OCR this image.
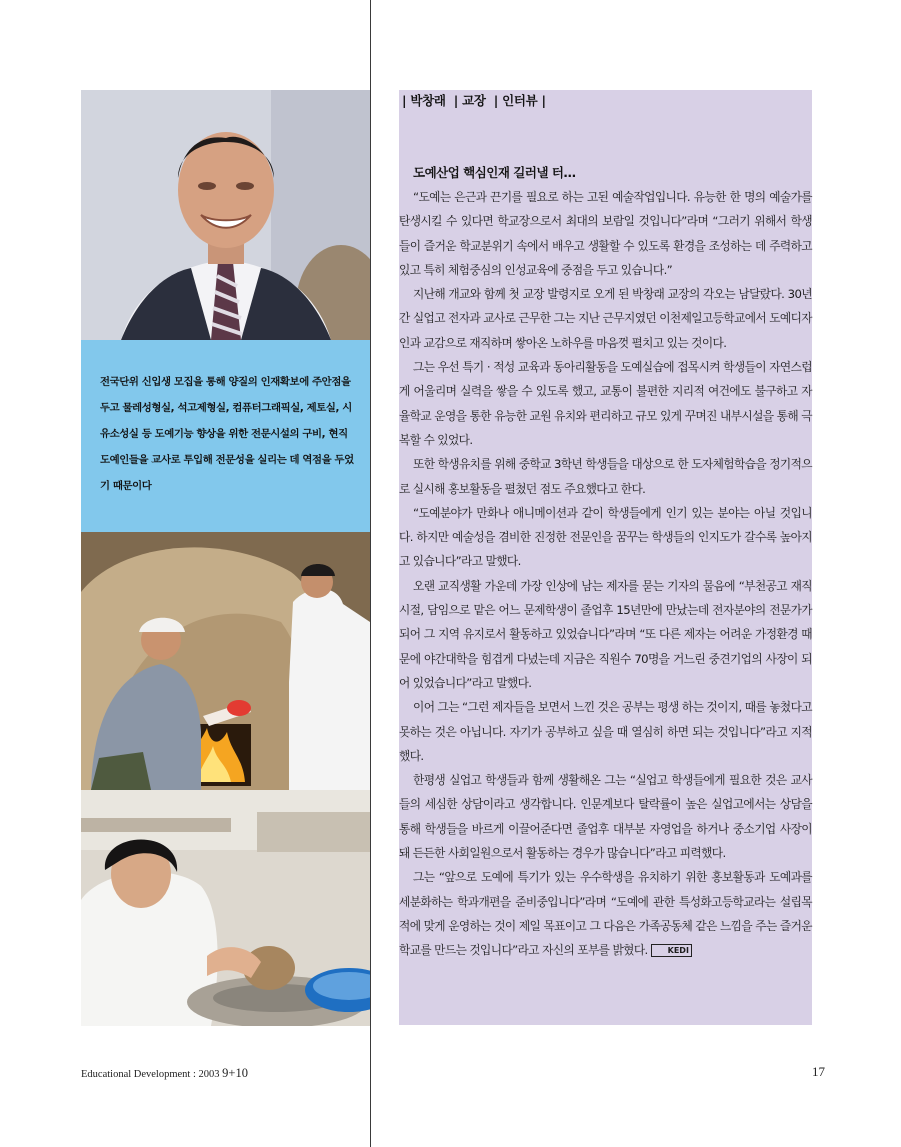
전국단위 신입생 모집을 통해 양질의 인재확보에 주안점을 두고 물레성형실, 석고제형실, 컴퓨터그래픽실, 제토실, 시유소성실 등 도예기능 향상을 위한 전문시설의 구비, 현직 도예인들을 교사로 투입해 전문성을 실리는 데 역점을 두었기 때문이다

| 박창래  | 교장  | 인터뷰 |

도예산업 핵심인재 길러낼 터…

“도예는 은근과 끈기를 필요로 하는 고된 예술작업입니다. 유능한 한 명의 예술가를 탄생시킬 수 있다면 학교장으로서 최대의 보람일 것입니다”라며 “그러기 위해서 학생들이 즐거운 학교분위기 속에서 배우고 생활할 수 있도록 환경을 조성하는 데 주력하고 있고 특히 체험중심의 인성교육에 중점을 두고 있습니다.”

지난해 개교와 함께 첫 교장 발령지로 오게 된 박창래 교장의 각오는 남달랐다. 30년간 실업고 전자과 교사로 근무한 그는 지난 근무지였던 이천제일고등학교에서 도예디자인과 교감으로 재직하며 쌓아온 노하우를 마음껏 펼치고 있는 것이다.

그는 우선 특기 · 적성 교육과 동아리활동을 도예실습에 접목시켜 학생들이 자연스럽게 어울리며 실력을 쌓을 수 있도록 했고, 교통이 불편한 지리적 여건에도 불구하고 자율학교 운영을 통한 유능한 교원 유치와 편리하고 규모 있게 꾸며진 내부시설을 통해 극복할 수 있었다.

또한 학생유치를 위해 중학교 3학년 학생들을 대상으로 한 도자체험학습을 정기적으로 실시해 홍보활동을 펼쳤던 점도 주요했다고 한다.

“도예분야가 만화나 애니메이션과 같이 학생들에게 인기 있는 분야는 아닐 것입니다. 하지만 예술성을 겸비한 진정한 전문인을 꿈꾸는 학생들의 인지도가 갈수록 높아지고 있습니다”라고 말했다.

오랜 교직생활 가운데 가장 인상에 남는 제자를 묻는 기자의 물음에 “부천공고 재직시절, 담임으로 맡은 어느 문제학생이 졸업후 15년만에 만났는데 전자분야의 전문가가 되어 그 지역 유지로서 활동하고 있었습니다”라며 “또 다른 제자는 어려운 가정환경 때문에 야간대학을 힘겹게 다녔는데 지금은 직원수 70명을 거느린 중견기업의 사장이 되어 있었습니다”라고 말했다.

이어 그는 “그런 제자들을 보면서 느낀 것은 공부는 평생 하는 것이지, 때를 놓쳤다고 못하는 것은 아닙니다. 자기가 공부하고 싶을 때 열심히 하면 되는 것입니다”라고 지적했다.

한평생 실업고 학생들과 함께 생활해온 그는 “실업고 학생들에게 필요한 것은 교사들의 세심한 상담이라고 생각합니다. 인문계보다 탈락률이 높은 실업고에서는 상담을 통해 학생들을 바르게 이끌어준다면 졸업후 대부분 자영업을 하거나 중소기업 사장이 돼 든든한 사회일원으로서 활동하는 경우가 많습니다”라고 피력했다.

그는 “앞으로 도예에 특기가 있는 우수학생을 유치하기 위한 홍보활동과 도예과를 세분화하는 학과개편을 준비중입니다”라며 “도예에 관한 특성화고등학교라는 설립목적에 맞게 운영하는 것이 제일 목표이고 그 다음은 가족공동체 같은 느낌을 주는 즐거운 학교를 만드는 것입니다”라고 자신의 포부를 밝혔다.	KEDI

Educational Development : 2003 9+10	17
